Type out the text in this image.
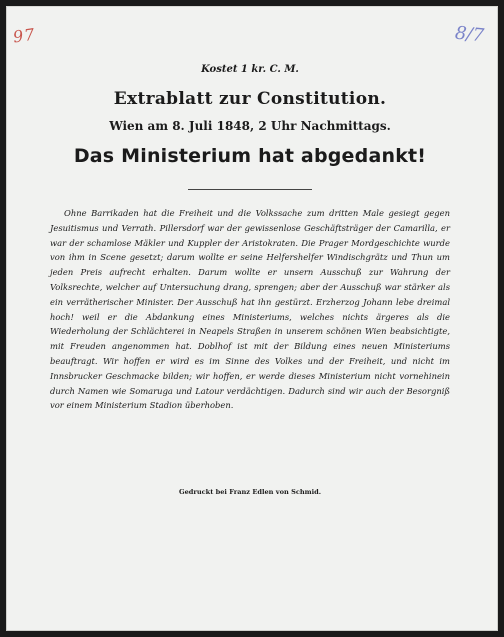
97	8/7
Kostet 1 kr. C. M.
Extrablatt zur Constitution.
Wien am 8. Juli 1848, 2 Uhr Nachmittags.
Das Ministerium hat abgedankt!
Ohne Barrikaden hat die Freiheit und die Volkssache zum dritten Male gesiegt gegen Jesuitismus und Verrath. Pillersdorf war der gewissenlose Geschäftsträger der Camarilla, er war der schamlose Mäkler und Kuppler der Aristokraten. Die Prager Mordgeschichte wurde von ihm in Scene gesetzt; darum wollte er seine Helfershelfer Windischgrätz und Thun um jeden Preis aufrecht erhalten. Darum wollte er unsern Ausschuß zur Wahrung der Volksrechte, welcher auf Untersuchung drang, sprengen; aber der Ausschuß war stärker als ein verrätherischer Minister. Der Ausschuß hat ihn gestürzt. Erzherzog Johann lebe dreimal hoch! weil er die Abdankung eines Ministeriums, welches nichts ärgeres als die Wiederholung der Schlächterei in Neapels Straßen in unserem schönen Wien beabsichtigte, mit Freuden angenommen hat. Doblhof ist mit der Bildung eines neuen Ministeriums beauftragt. Wir hoffen er wird es im Sinne des Volkes und der Freiheit, und nicht im Innsbrucker Geschmacke bilden; wir hoffen, er werde dieses Ministerium nicht vornehinein durch Namen wie Somaruga und Latour verdächtigen. Dadurch sind wir auch der Besorgniß vor einem Ministerium Stadion überhoben.
Gedruckt bei Franz Edlen von Schmid.
